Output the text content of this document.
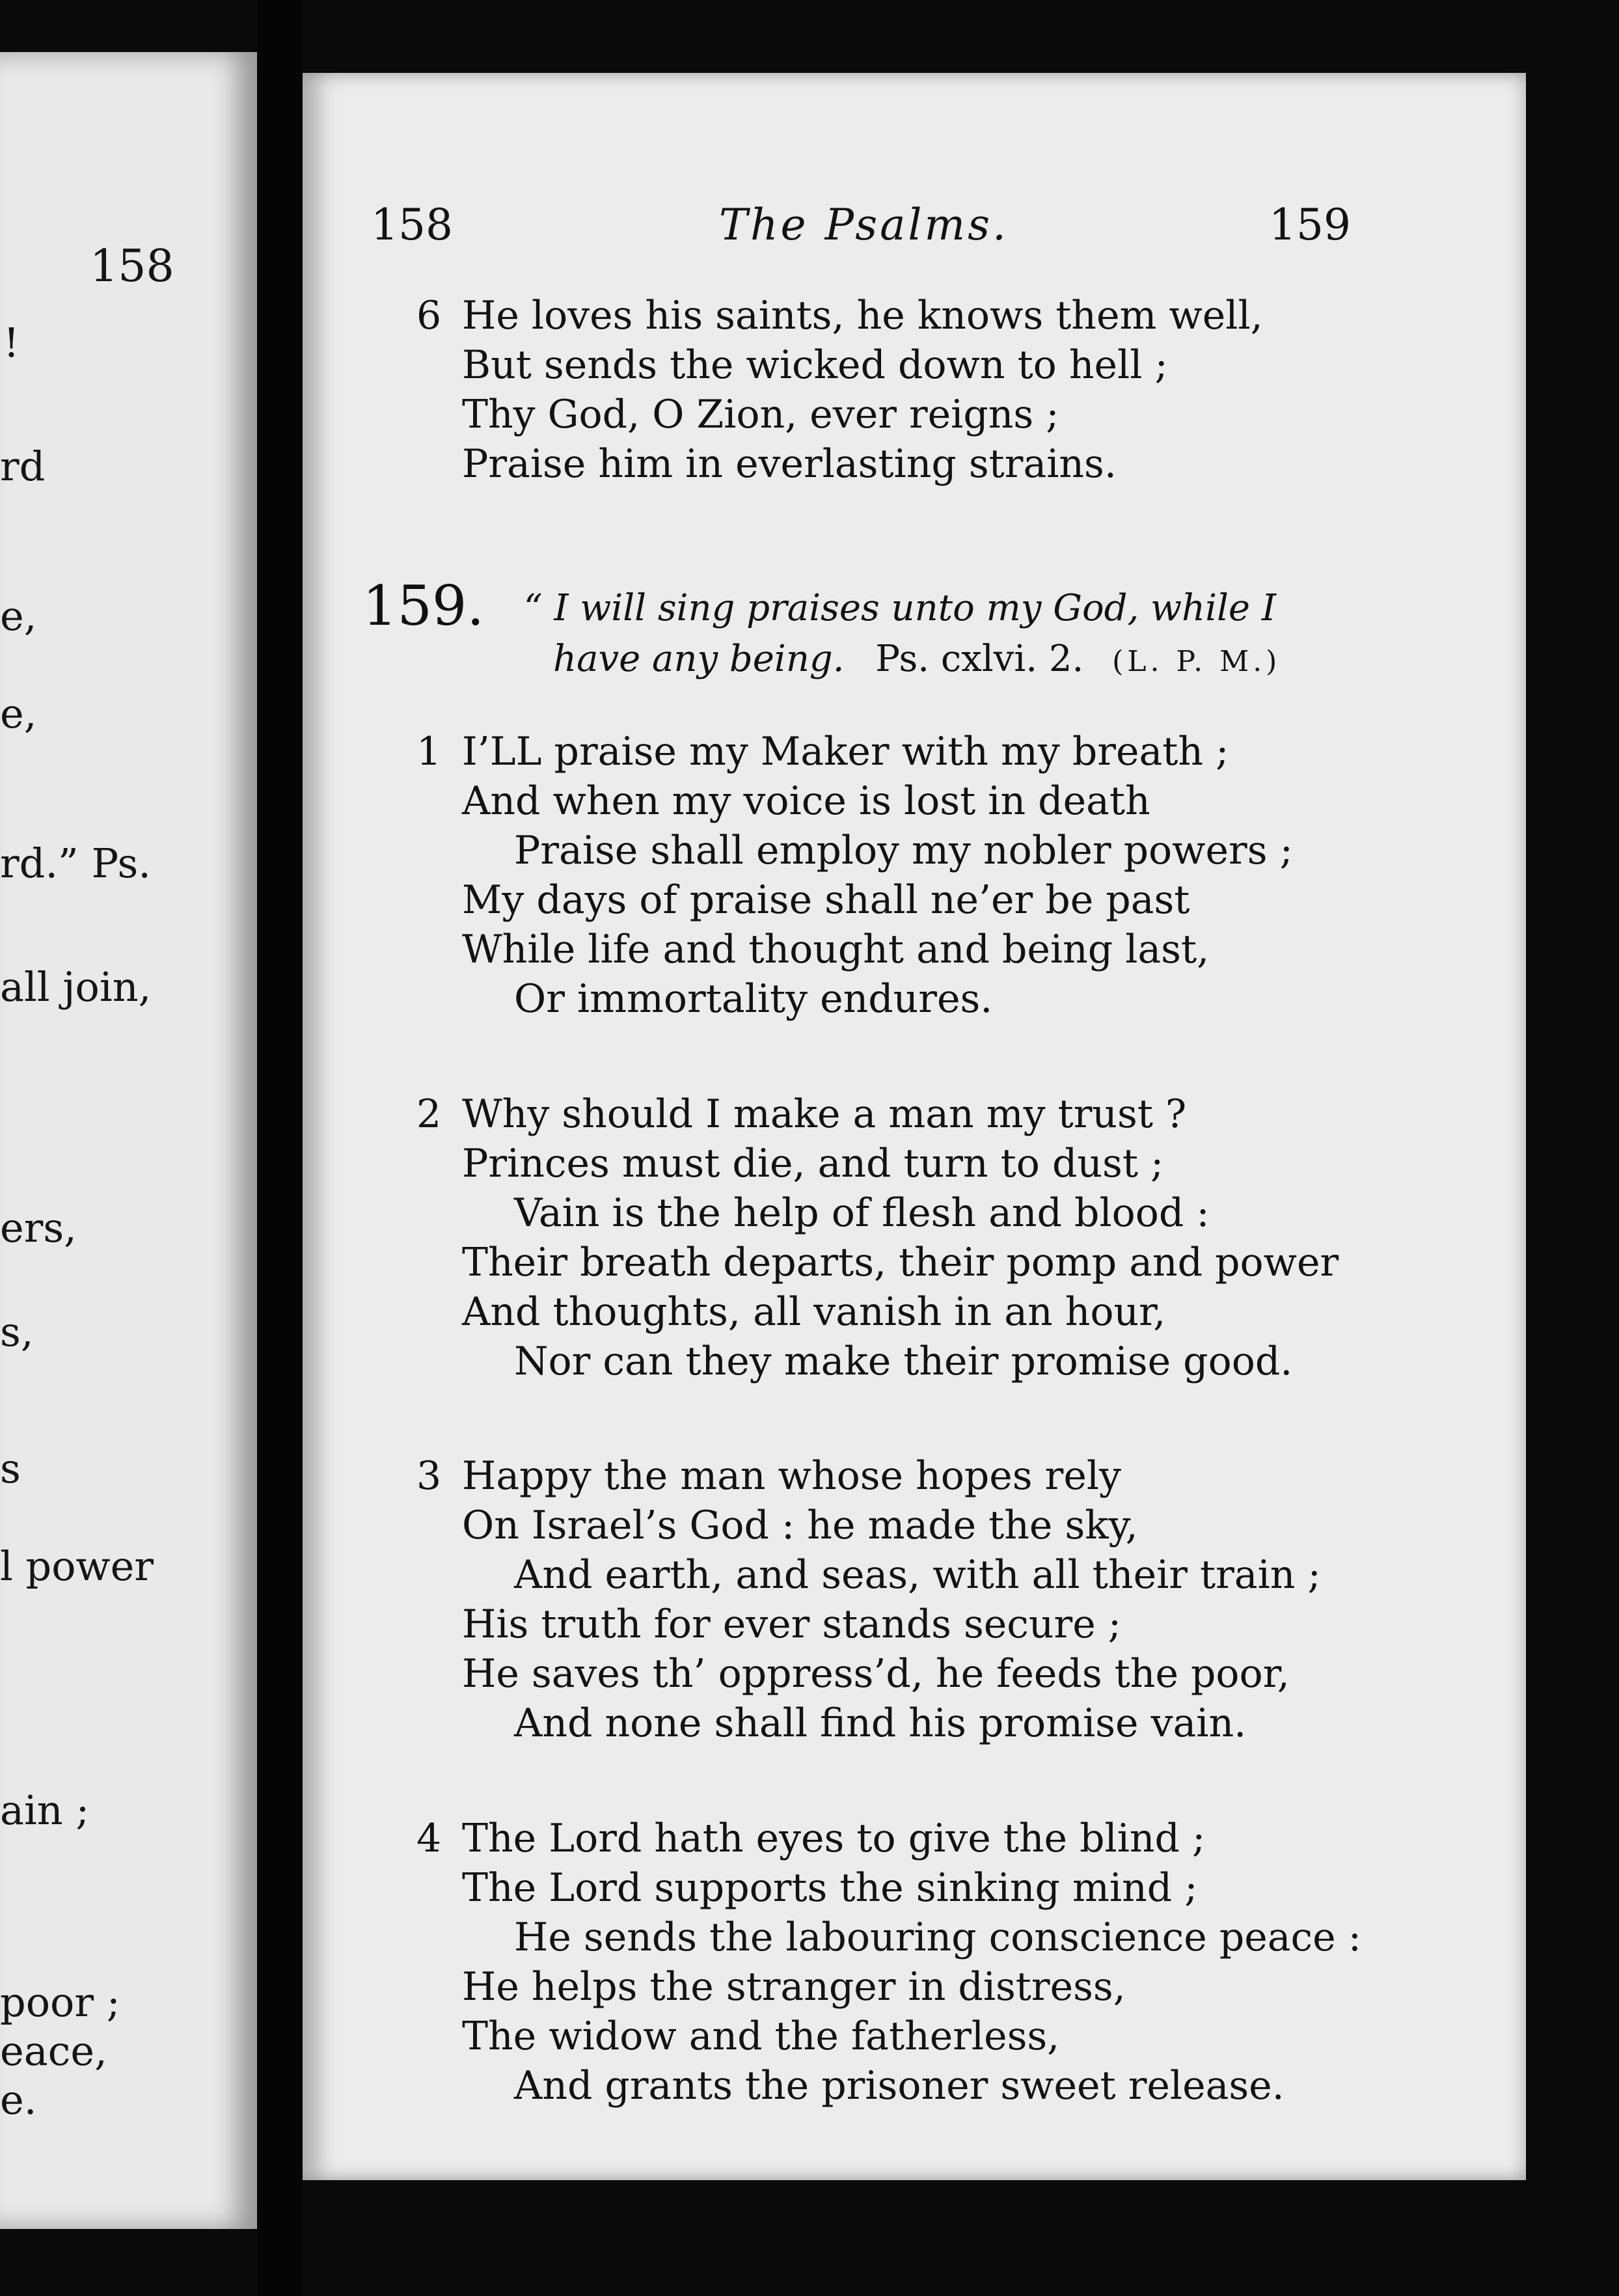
158
!
rd
e,
e,
rd.” Ps.
all join,
ers,
s,
s
l power
ain ;
poor ;
eace,
e.
158	The Psalms.	159
6 He loves his saints, he knows them well,
But sends the wicked down to hell ;
Thy God, O Zion, ever reigns ;
Praise him in everlasting strains.
159. “ I will sing praises unto my God, while I
have any being. Ps. cxlvi. 2. (L. P. M.)
1 I’LL praise my Maker with my breath ;
And when my voice is lost in death
Praise shall employ my nobler powers ;
My days of praise shall ne’er be past
While life and thought and being last,
Or immortality endures.
2 Why should I make a man my trust ?
Princes must die, and turn to dust ;
Vain is the help of flesh and blood :
Their breath departs, their pomp and power
And thoughts, all vanish in an hour,
Nor can they make their promise good.
3 Happy the man whose hopes rely
On Israel’s God : he made the sky,
And earth, and seas, with all their train ;
His truth for ever stands secure ;
He saves th’ oppress’d, he feeds the poor,
And none shall find his promise vain.
4 The Lord hath eyes to give the blind ;
The Lord supports the sinking mind ;
He sends the labouring conscience peace :
He helps the stranger in distress,
The widow and the fatherless,
And grants the prisoner sweet release.
